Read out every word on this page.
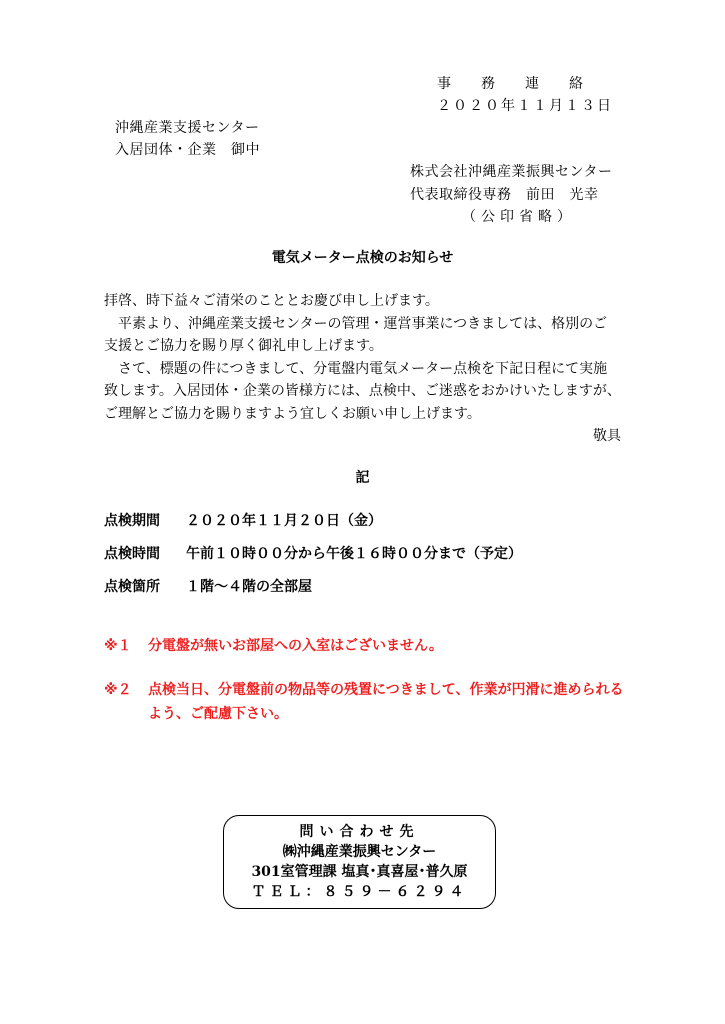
事務連絡
２０２０年１１月１３日
沖縄産業支援センター
入居団体・企業　御中
株式会社沖縄産業振興センター
代表取締役専務　前田　光幸
（公印省略）
電気メーター点検のお知らせ

拝啓、時下益々ご清栄のこととお慶び申し上げます。

平素より、沖縄産業支援センターの管理・運営事業につきましては、格別のご支援とご協力を賜り厚く御礼申し上げます。

さて、標題の件につきまして、分電盤内電気メーター点検を下記日程にて実施致します。入居団体・企業の皆様方には、点検中、ご迷惑をおかけいたしますが、ご理解とご協力を賜りますよう宜しくお願い申し上げます。

敬具
記
点検期間 ２０２０年１１月２０日（金）
点検時間 午前１０時００分から午後１６時００分まで（予定）
点検箇所 １階～４階の全部屋
※１ 分電盤が無いお部屋への入室はございません。
※２ 点検当日、分電盤前の物品等の残置につきまして、作業が円滑に進められるよう、ご配慮下さい。
問い合わせ先
㈱沖縄産業振興センター
301室管理課 塩真･真喜屋･普久原
ＴＥＬ：８５９－６２９４
